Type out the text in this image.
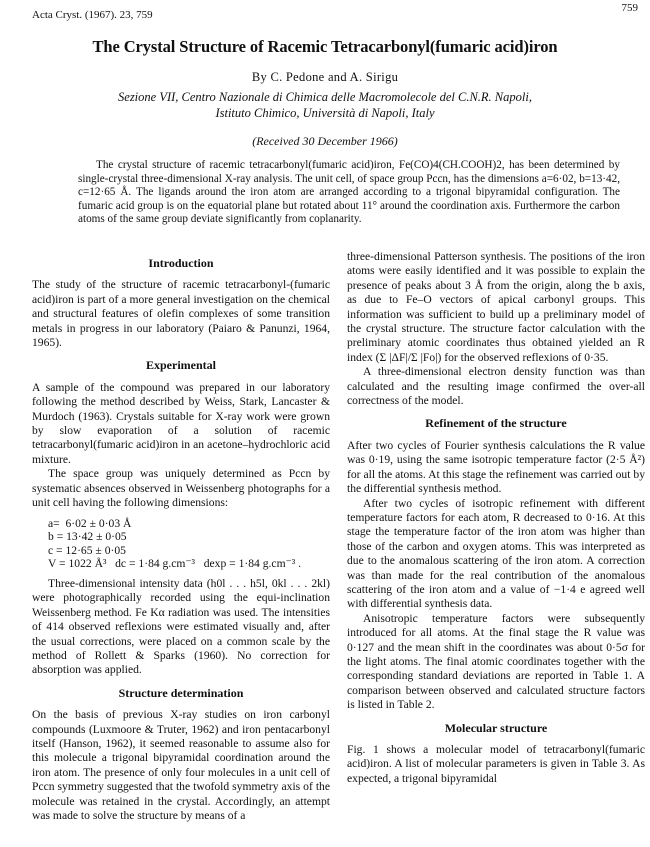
759
Acta Cryst. (1967). 23, 759
The Crystal Structure of Racemic Tetracarbonyl(fumaric acid)iron
By C. Pedone and A. Sirigu
Sezione VII, Centro Nazionale di Chimica delle Macromolecole del C.N.R. Napoli,
Istituto Chimico, Università di Napoli, Italy
(Received 30 December 1966)

The crystal structure of racemic tetracarbonyl(fumaric acid)iron, Fe(CO)4(CH.COOH)2, has been determined by single-crystal three-dimensional X-ray analysis. The unit cell, of space group Pccn, has the dimensions a=6·02, b=13·42, c=12·65 Å. The ligands around the iron atom are arranged according to a trigonal bipyramidal configuration. The fumaric acid group is on the equatorial plane but rotated about 11° around the coordination axis. Furthermore the carbon atoms of the same group deviate significantly from coplanarity.

Introduction

The study of the structure of racemic tetracarbonyl-(fumaric acid)iron is part of a more general investigation on the chemical and structural features of olefin complexes of some transition metals in progress in our laboratory (Paiaro & Panunzi, 1964, 1965).

Experimental

A sample of the compound was prepared in our laboratory following the method described by Weiss, Stark, Lancaster & Murdoch (1963). Crystals suitable for X-ray work were grown by slow evaporation of a solution of racemic tetracarbonyl(fumaric acid)iron in an acetone–hydrochloric acid mixture.

The space group was uniquely determined as Pccn by systematic absences observed in Weissenberg photographs for a unit cell having the following dimensions:

a=  6·02 ± 0·03 Å
b = 13·42 ± 0·05
c = 12·65 ± 0·05
V = 1022 Å³   dc = 1·84 g.cm⁻³   dexp = 1·84 g.cm⁻³ .

Three-dimensional intensity data (h0l . . . h5l, 0kl . . . 2kl) were photographically recorded using the equi-inclination Weissenberg method. Fe Kα radiation was used. The intensities of 414 observed reflexions were estimated visually and, after the usual corrections, were placed on a common scale by the method of Rollett & Sparks (1960). No correction for absorption was applied.

Structure determination

On the basis of previous X-ray studies on iron carbonyl compounds (Luxmoore & Truter, 1962) and iron pentacarbonyl itself (Hanson, 1962), it seemed reasonable to assume also for this molecule a trigonal bipyramidal coordination around the iron atom. The presence of only four molecules in a unit cell of Pccn symmetry suggested that the twofold symmetry axis of the molecule was retained in the crystal. Accordingly, an attempt was made to solve the structure by means of a

three-dimensional Patterson synthesis. The positions of the iron atoms were easily identified and it was possible to explain the presence of peaks about 3 Å from the origin, along the b axis, as due to Fe–O vectors of apical carbonyl groups. This information was sufficient to build up a preliminary model of the crystal structure. The structure factor calculation with the preliminary atomic coordinates thus obtained yielded an R index (Σ |ΔF|/Σ |Fo|) for the observed reflexions of 0·35.

A three-dimensional electron density function was than calculated and the resulting image confirmed the over-all correctness of the model.

Refinement of the structure

After two cycles of Fourier synthesis calculations the R value was 0·19, using the same isotropic temperature factor (2·5 Å²) for all the atoms. At this stage the refinement was carried out by the differential synthesis method.

After two cycles of isotropic refinement with different temperature factors for each atom, R decreased to 0·16. At this stage the temperature factor of the iron atom was higher than those of the carbon and oxygen atoms. This was interpreted as due to the anomalous scattering of the iron atom. A correction was than made for the real contribution of the anomalous scattering of the iron atom and a value of −1·4 e agreed well with differential synthesis data.

Anisotropic temperature factors were subsequently introduced for all atoms. At the final stage the R value was 0·127 and the mean shift in the coordinates was about 0·5σ for the light atoms. The final atomic coordinates together with the corresponding standard deviations are reported in Table 1. A comparison between observed and calculated structure factors is listed in Table 2.

Molecular structure

Fig. 1 shows a molecular model of tetracarbonyl(fumaric acid)iron. A list of molecular parameters is given in Table 3. As expected, a trigonal bipyramidal
